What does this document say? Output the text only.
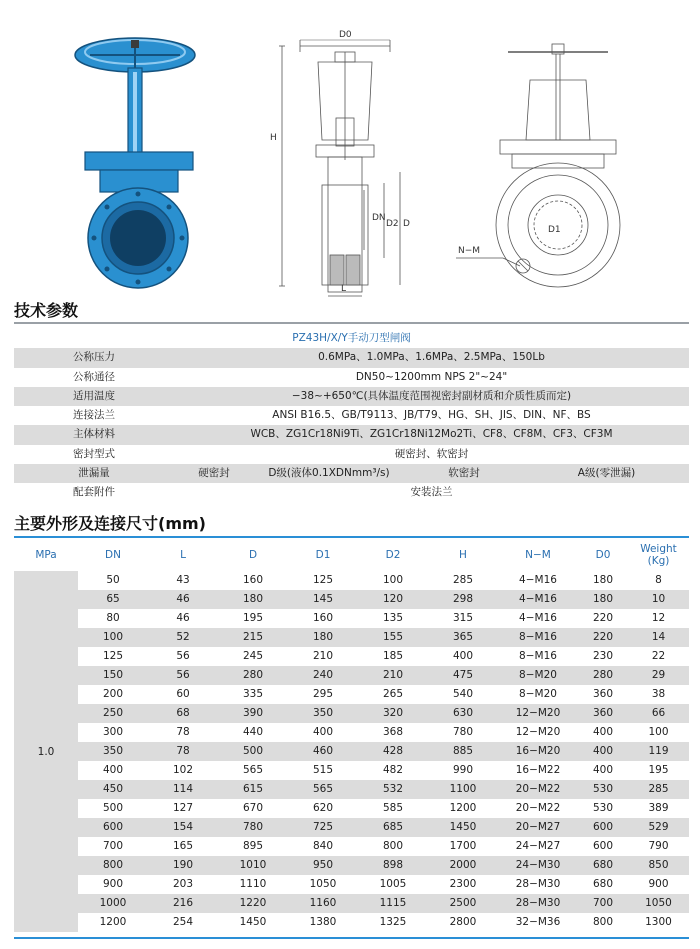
D0
H
DN
D2 D
L
D1
N−M
技术参数
PZ43H/X/Y手动刀型闸阀
公称压力	0.6MPa、1.0MPa、1.6MPa、2.5MPa、150Lb
公称通径	DN50~1200mm NPS 2"~24"
适用温度	−38~+650℃(具体温度范围视密封副材质和介质性质而定)
连接法兰	ANSI B16.5、GB/T9113、JB/T79、HG、SH、JIS、DIN、NF、BS
主体材料	WCB、ZG1Cr18Ni9Ti、ZG1Cr18Ni12Mo2Ti、CF8、CF8M、CF3、CF3M
密封型式	硬密封、软密封
泄漏量	硬密封	D级(液体0.1XDNmm³/s)	软密封	A级(零泄漏)
配套附件	安装法兰
主要外形及连接尺寸(mm)
MPa	DN	L	D	D1	D2	H	N−M	D0	Weight (Kg)
1.0
50	43	160	125	100	285	4−M16	180	8
65	46	180	145	120	298	4−M16	180	10
80	46	195	160	135	315	4−M16	220	12
100	52	215	180	155	365	8−M16	220	14
125	56	245	210	185	400	8−M16	230	22
150	56	280	240	210	475	8−M20	280	29
200	60	335	295	265	540	8−M20	360	38
250	68	390	350	320	630	12−M20	360	66
300	78	440	400	368	780	12−M20	400	100
350	78	500	460	428	885	16−M20	400	119
400	102	565	515	482	990	16−M22	400	195
450	114	615	565	532	1100	20−M22	530	285
500	127	670	620	585	1200	20−M22	530	389
600	154	780	725	685	1450	20−M27	600	529
700	165	895	840	800	1700	24−M27	600	790
800	190	1010	950	898	2000	24−M30	680	850
900	203	1110	1050	1005	2300	28−M30	680	900
1000	216	1220	1160	1115	2500	28−M30	700	1050
1200	254	1450	1380	1325	2800	32−M36	800	1300
